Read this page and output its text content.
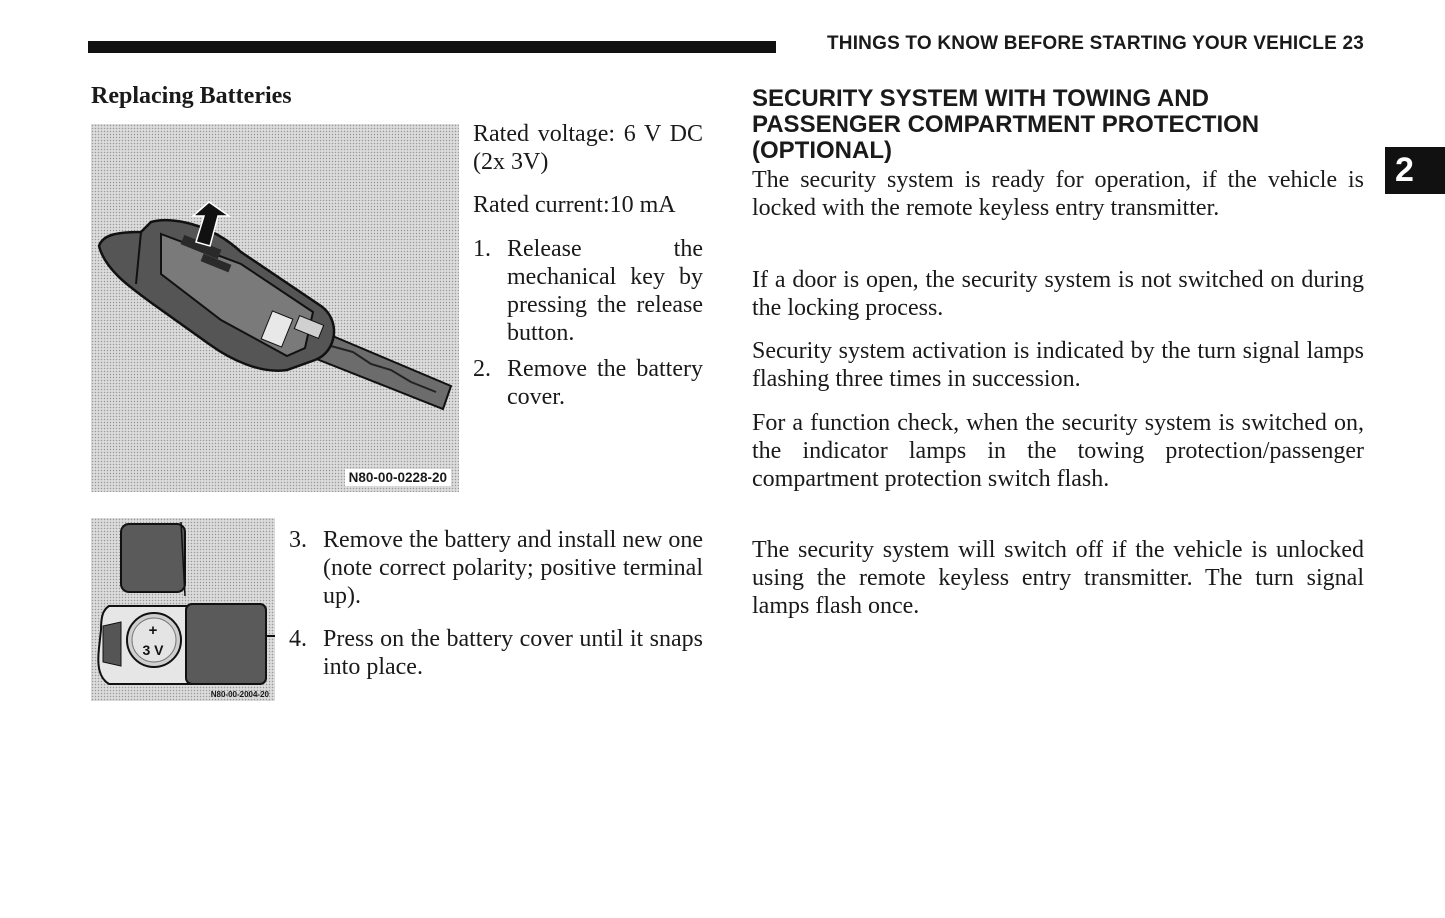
THINGS TO KNOW BEFORE STARTING YOUR VEHICLE 23
2
Replacing Batteries
N80-00-0228-20

Rated voltage: 6 V DC (2x 3V)

Rated current:10 mA

1. Release the mechanical key by pressing the release button.
2. Remove the battery cover.
+
3 V
N80-00-2004-20
3. Remove the battery and install new one (note correct polarity; positive terminal up).
4. Press on the battery cover until it snaps into place.
SECURITY SYSTEM WITH TOWING AND PASSENGER COMPARTMENT PROTECTION (OPTIONAL)

The security system is ready for operation, if the vehicle is locked with the remote keyless entry transmitter.

If a door is open, the security system is not switched on during the locking process.

Security system activation is indicated by the turn signal lamps flashing three times in succession.

For a function check, when the security system is switched on, the indicator lamps in the towing protection/passenger compartment protection switch flash.

The security system will switch off if the vehicle is unlocked using the remote keyless entry transmitter. The turn signal lamps flash once.
